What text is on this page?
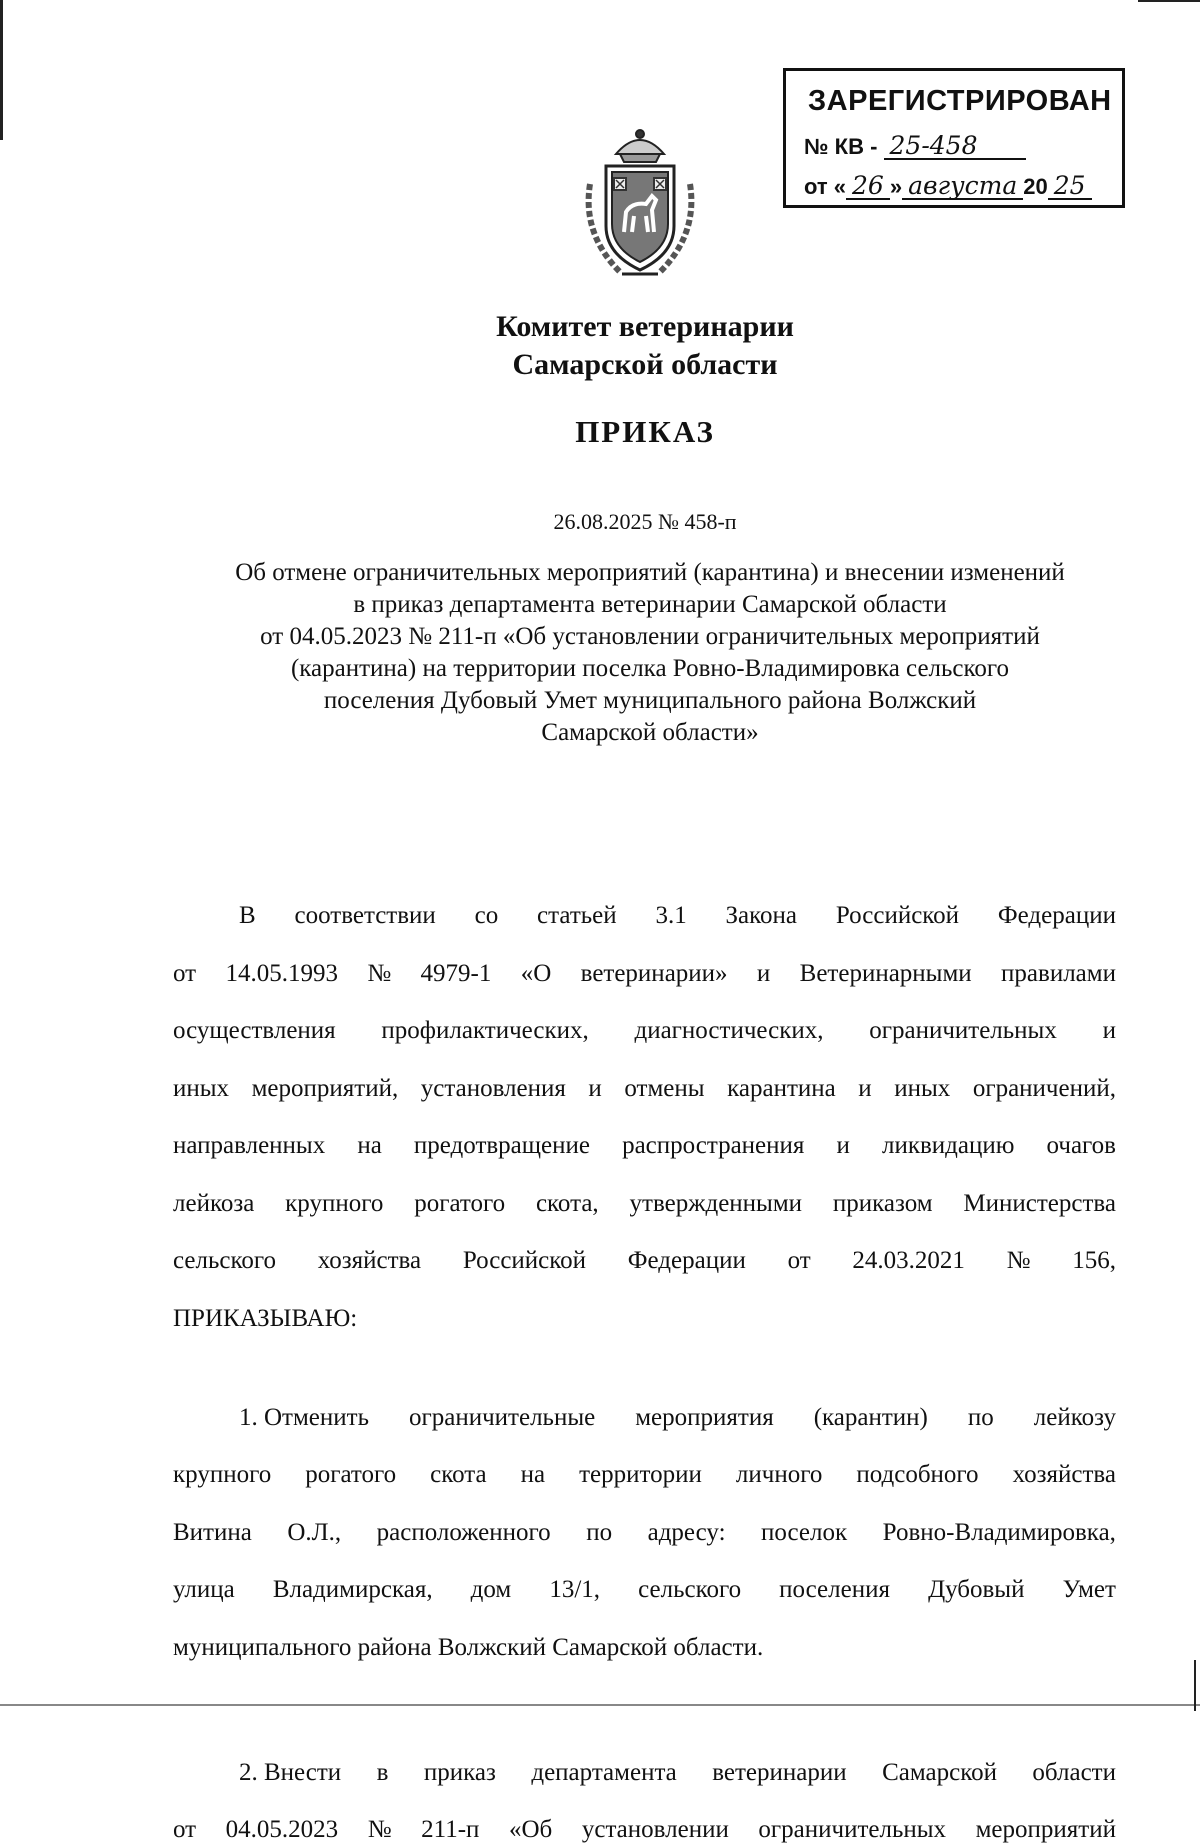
ЗАРЕГИСТРИРОВАН
№ КВ - 25-458
от « 26 » августа 20 25
Комитет ветеринарии
Самарской области
ПРИКАЗ
26.08.2025 № 458-п
Об отмене ограничительных мероприятий (карантина) и внесении изменений
в приказ департамента ветеринарии Самарской области
от 04.05.2023 № 211-п «Об установлении ограничительных мероприятий
(карантина) на территории поселка Ровно-Владимировка сельского
поселения Дубовый Умет муниципального района Волжский
Самарской области»
В соответствии со статьей 3.1 Закона Российской Федерации
от 14.05.1993 № 4979-1 «О ветеринарии» и Ветеринарными правилами
осуществления профилактических, диагностических, ограничительных и
иных мероприятий, установления и отмены карантина и иных ограничений,
направленных на предотвращение распространения и ликвидацию очагов
лейкоза крупного рогатого скота, утвержденными приказом Министерства
сельского хозяйства Российской Федерации от 24.03.2021 № 156,
ПРИКАЗЫВАЮ:
1. Отменить ограничительные мероприятия (карантин) по лейкозу
крупного рогатого скота на территории личного подсобного хозяйства
Витина О.Л., расположенного по адресу: поселок Ровно-Владимировка,
улица Владимирская, дом 13/1, сельского поселения Дубовый Умет
муниципального района Волжский Самарской области.
2. Внести в приказ департамента ветеринарии Самарской области
от 04.05.2023 № 211-п «Об установлении ограничительных мероприятий
